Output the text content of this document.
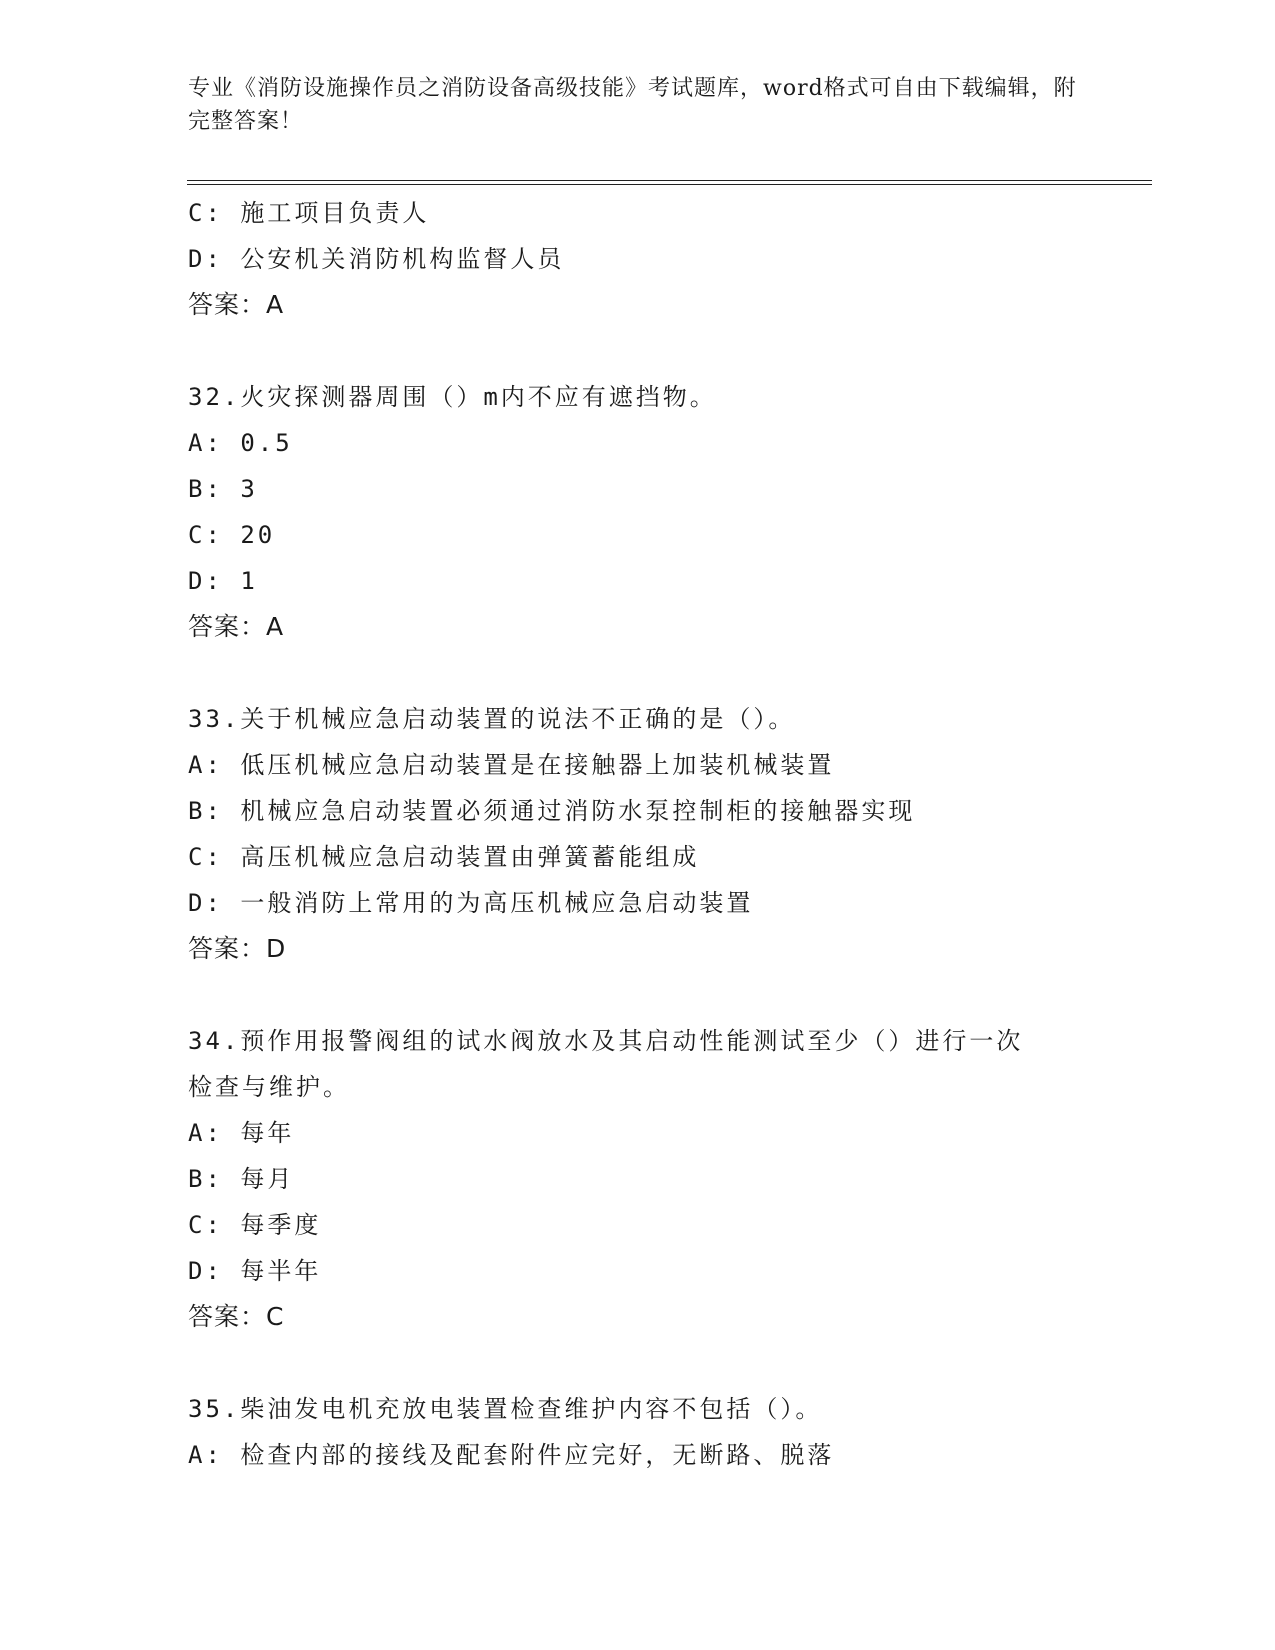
专业《消防设施操作员之消防设备高级技能》考试题库，word格式可自由下载编辑，附完整答案！
C: 施工项目负责人
D: 公安机关消防机构监督人员
答案：A
32.火灾探测器周围（）m内不应有遮挡物。
A: 0.5
B: 3
C: 20
D: 1
答案：A
33.关于机械应急启动装置的说法不正确的是（）。
A: 低压机械应急启动装置是在接触器上加装机械装置
B: 机械应急启动装置必须通过消防水泵控制柜的接触器实现
C: 高压机械应急启动装置由弹簧蓄能组成
D: 一般消防上常用的为高压机械应急启动装置
答案：D
34.预作用报警阀组的试水阀放水及其启动性能测试至少（）进行一次
检查与维护。
A: 每年
B: 每月
C: 每季度
D: 每半年
答案：C
35.柴油发电机充放电装置检查维护内容不包括（）。
A: 检查内部的接线及配套附件应完好，无断路、脱落
